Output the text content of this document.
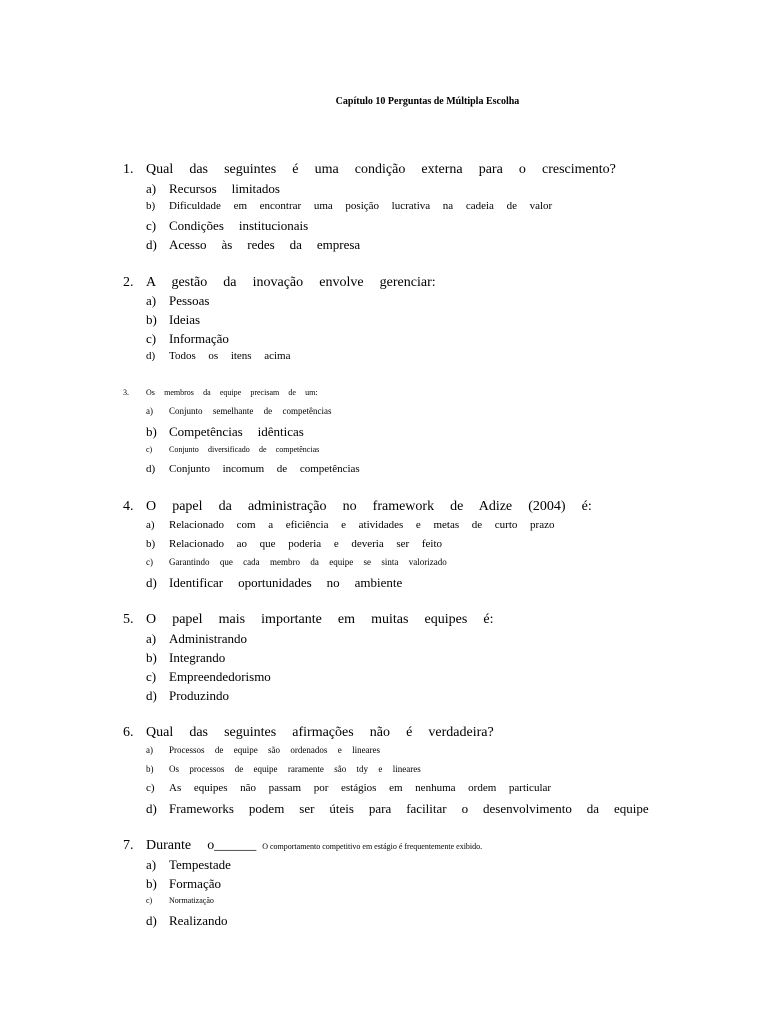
Capítulo 10 Perguntas de Múltipla Escolha
1. Qual das seguintes é uma condição externa para o crescimento?
a) Recursos limitados
b) Dificuldade em encontrar uma posição lucrativa na cadeia de valor
c) Condições institucionais
d) Acesso às redes da empresa
2. A gestão da inovação envolve gerenciar:
a) Pessoas
b) Ideias
c) Informação
d) Todos os itens acima
3. Os membros da equipe precisam de um:
a) Conjunto semelhante de competências
b) Competências idênticas
c) Conjunto diversificado de competências
d) Conjunto incomum de competências
4. O papel da administração no framework de Adize (2004) é:
a) Relacionado com a eficiência e atividades e metas de curto prazo
b) Relacionado ao que poderia e deveria ser feito
c) Garantindo que cada membro da equipe se sinta valorizado
d) Identificar oportunidades no ambiente
5. O papel mais importante em muitas equipes é:
a) Administrando
b) Integrando
c) Empreendedorismo
d) Produzindo
6. Qual das seguintes afirmações não é verdadeira?
a) Processos de equipe são ordenados e lineares
b) Os processos de equipe raramente são tdy e lineares
c) As equipes não passam por estágios em nenhuma ordem particular
d) Frameworks podem ser úteis para facilitar o desenvolvimento da equipe
7. Durante o______ O comportamento competitivo em estágio é frequentemente exibido.
a) Tempestade
b) Formação
c) Normatização
d) Realizando
